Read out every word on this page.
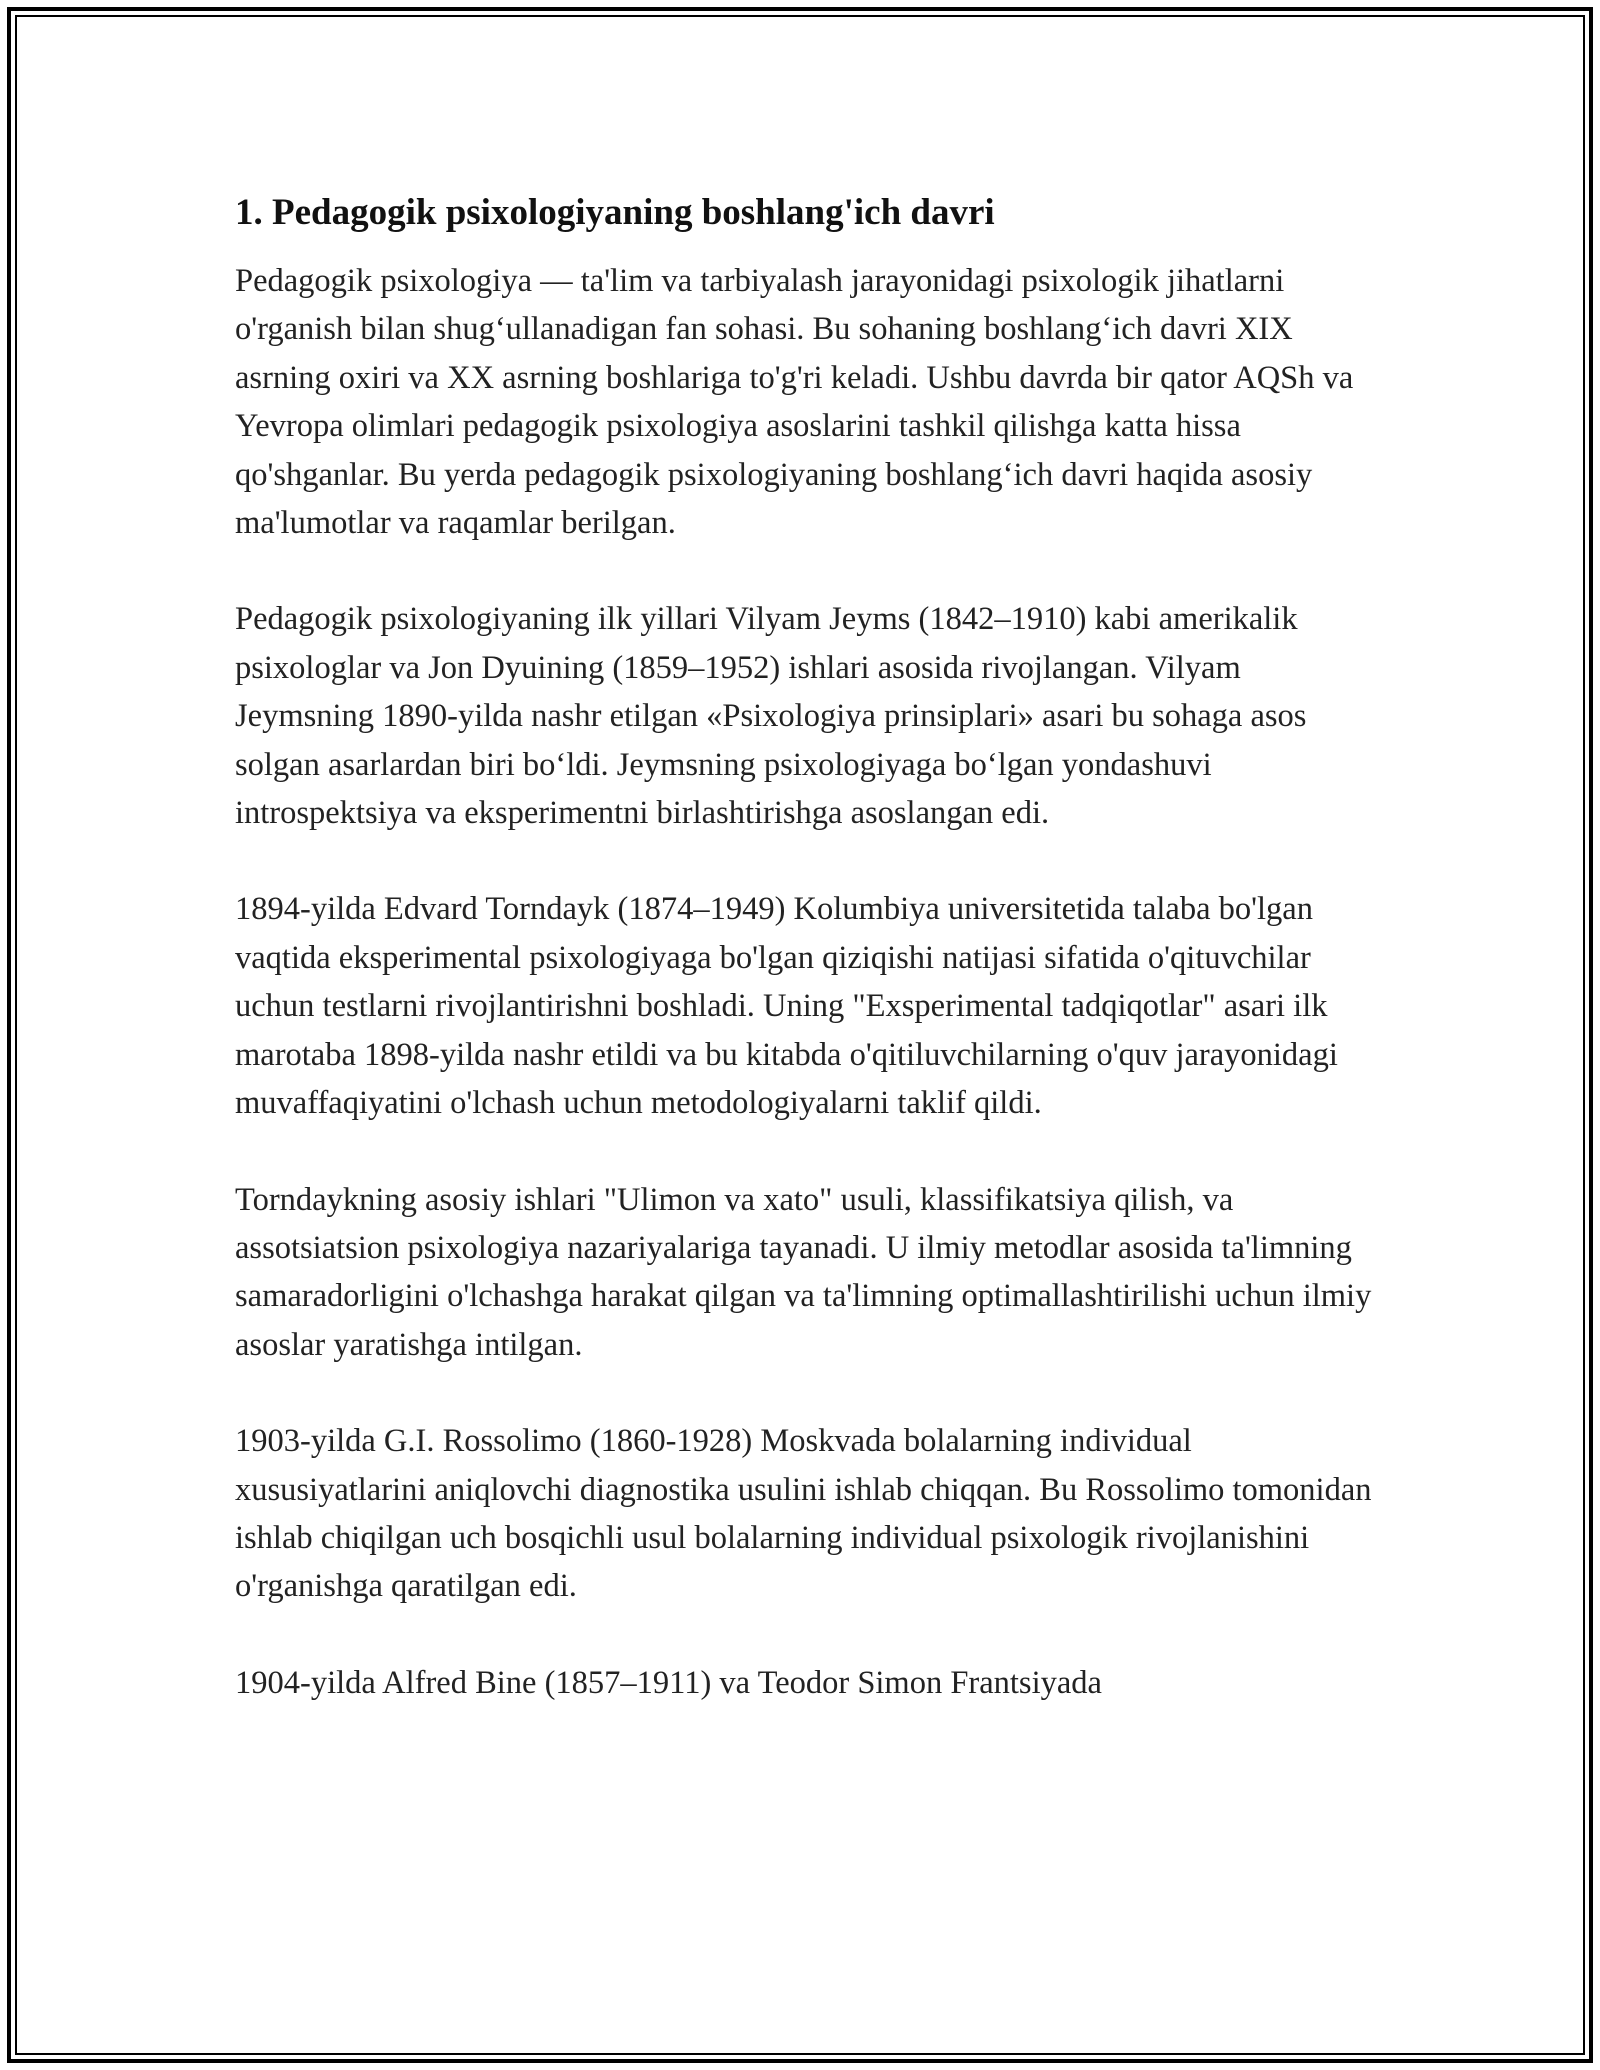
1. Pedagogik psixologiyaning boshlang'ich davri

Pedagogik psixologiya — ta'lim va tarbiyalash jarayonidagi psixologik jihatlarni o'rganish bilan shug‘ullanadigan fan sohasi. Bu sohaning boshlang‘ich davri XIX asrning oxiri va XX asrning boshlariga to'g'ri keladi. Ushbu davrda bir qator AQSh va Yevropa olimlari pedagogik psixologiya asoslarini tashkil qilishga katta hissa qo'shganlar. Bu yerda pedagogik psixologiyaning boshlang‘ich davri haqida asosiy ma'lumotlar va raqamlar berilgan.

Pedagogik psixologiyaning ilk yillari Vilyam Jeyms (1842–1910) kabi amerikalik psixologlar va Jon Dyuining (1859–1952) ishlari asosida rivojlangan. Vilyam Jeymsning 1890-yilda nashr etilgan «Psixologiya prinsiplari» asari bu sohaga asos solgan asarlardan biri bo‘ldi. Jeymsning psixologiyaga bo‘lgan yondashuvi introspektsiya va eksperimentni birlashtirishga asoslangan edi.

1894-yilda Edvard Torndayk (1874–1949) Kolumbiya universitetida talaba bo'lgan vaqtida eksperimental psixologiyaga bo'lgan qiziqishi natijasi sifatida o'qituvchilar uchun testlarni rivojlantirishni boshladi. Uning "Exsperimental tadqiqotlar" asari ilk marotaba 1898-yilda nashr etildi va bu kitabda o'qitiluvchilarning o'quv jarayonidagi muvaffaqiyatini o'lchash uchun metodologiyalarni taklif qildi.

Torndaykning asosiy ishlari "Ulimon va xato" usuli, klassifikatsiya qilish, va assotsiatsion psixologiya nazariyalariga tayanadi. U ilmiy metodlar asosida ta'limning samaradorligini o'lchashga harakat qilgan va ta'limning optimallashtirilishi uchun ilmiy asoslar yaratishga intilgan.

1903-yilda G.I. Rossolimo (1860-1928) Moskvada bolalarning individual xususiyatlarini aniqlovchi diagnostika usulini ishlab chiqqan. Bu Rossolimo tomonidan ishlab chiqilgan uch bosqichli usul bolalarning individual psixologik rivojlanishini o'rganishga qaratilgan edi.

1904-yilda Alfred Bine (1857–1911) va Teodor Simon Frantsiyada
